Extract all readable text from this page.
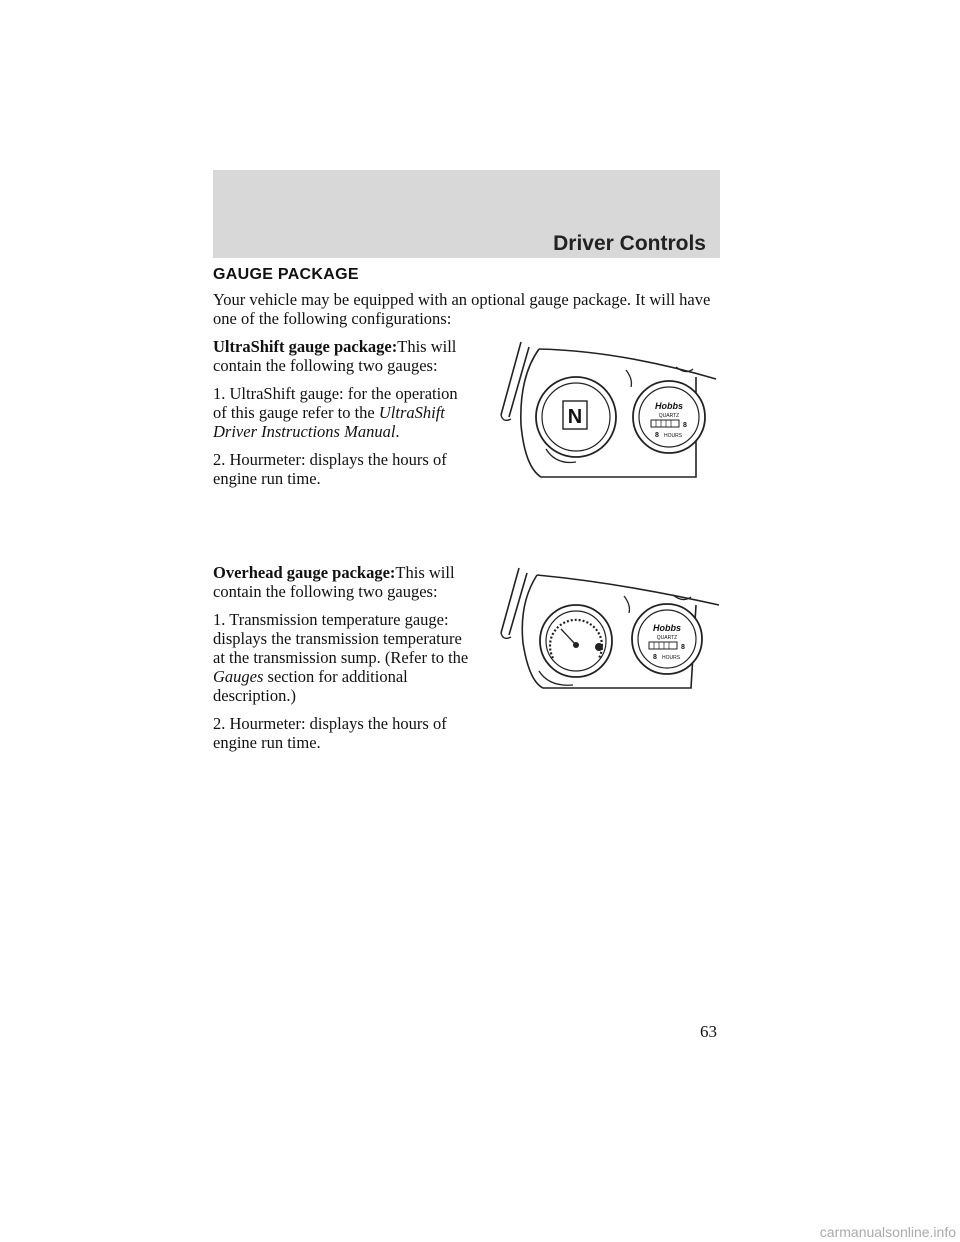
Driver Controls
GAUGE PACKAGE

Your vehicle may be equipped with an optional gauge package. It will have one of the following configurations:

UltraShift gauge package:This will contain the following two gauges:

1. UltraShift gauge: for the operation of this gauge refer to the UltraShift Driver Instructions Manual.

2. Hourmeter: displays the hours of engine run time.

N	Hobbs
QUARTZ
8
8 HOURS

Overhead gauge package:This will contain the following two gauges:

1. Transmission temperature gauge: displays the transmission temperature at the transmission sump. (Refer to the Gauges section for additional description.)

2. Hourmeter: displays the hours of engine run time.

Hobbs
QUARTZ
8
8 HOURS
63
carmanualsonline.info
